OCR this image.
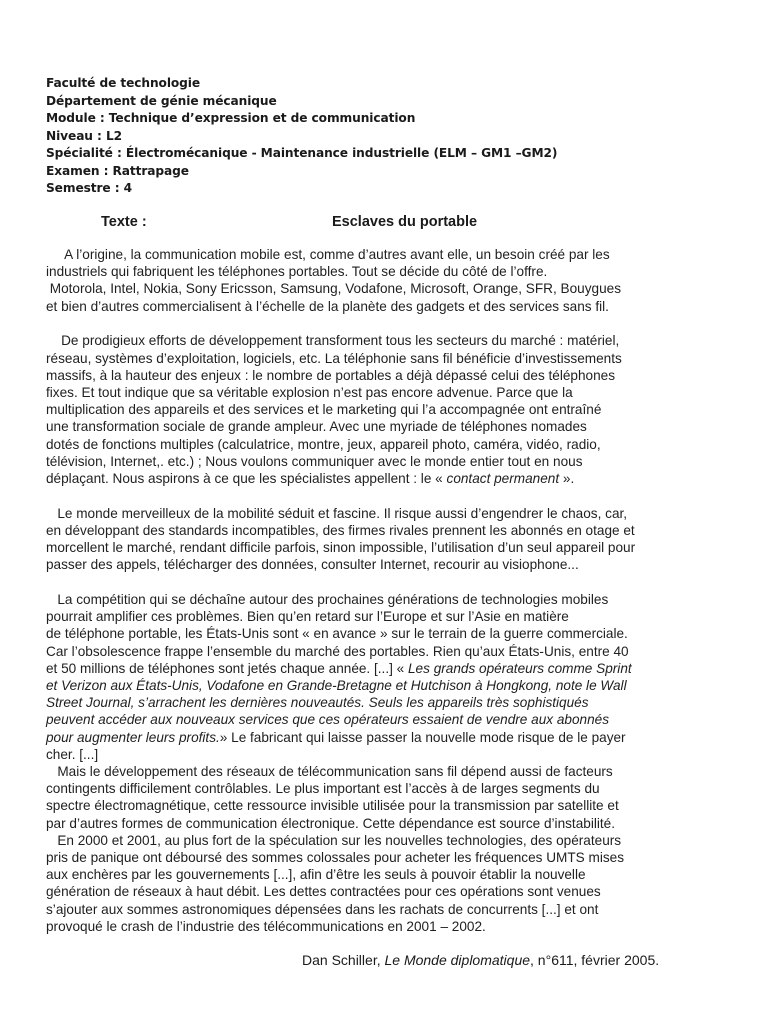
Faculté de technologie
Département de génie mécanique
Module : Technique d’expression et de communication
Niveau : L2
Spécialité : Électromécanique - Maintenance industrielle (ELM – GM1 –GM2)
Examen : Rattrapage
Semestre : 4
Texte :	Esclaves du portable
A l’origine, la communication mobile est, comme d’autres avant elle, un besoin créé par les
industriels qui fabriquent les téléphones portables. Tout se décide du côté de l’offre.
Motorola, Intel, Nokia, Sony Ericsson, Samsung, Vodafone, Microsoft, Orange, SFR, Bouygues
et bien d’autres commercialisent à l’échelle de la planète des gadgets et des services sans fil.
De prodigieux efforts de développement transforment tous les secteurs du marché : matériel,
réseau, systèmes d’exploitation, logiciels, etc. La téléphonie sans fil bénéficie d’investissements
massifs, à la hauteur des enjeux : le nombre de portables a déjà dépassé celui des téléphones
fixes. Et tout indique que sa véritable explosion n’est pas encore advenue. Parce que la
multiplication des appareils et des services et le marketing qui l’a accompagnée ont entraîné
une transformation sociale de grande ampleur. Avec une myriade de téléphones nomades
dotés de fonctions multiples (calculatrice, montre, jeux, appareil photo, caméra, vidéo, radio,
télévision, Internet,. etc.) ; Nous voulons communiquer avec le monde entier tout en nous
déplaçant. Nous aspirons à ce que les spécialistes appellent : le « contact permanent ».
Le monde merveilleux de la mobilité séduit et fascine. Il risque aussi d’engendrer le chaos, car,
en développant des standards incompatibles, des firmes rivales prennent les abonnés en otage et
morcellent le marché, rendant difficile parfois, sinon impossible, l’utilisation d’un seul appareil pour
passer des appels, télécharger des données, consulter Internet, recourir au visiophone...
La compétition qui se déchaîne autour des prochaines générations de technologies mobiles
pourrait amplifier ces problèmes. Bien qu’en retard sur l’Europe et sur l’Asie en matière
de téléphone portable, les États-Unis sont « en avance » sur le terrain de la guerre commerciale.
Car l’obsolescence frappe l’ensemble du marché des portables. Rien qu’aux États-Unis, entre 40
et 50 millions de téléphones sont jetés chaque année. [...] « Les grands opérateurs comme Sprint
et Verizon aux États-Unis, Vodafone en Grande-Bretagne et Hutchison à Hongkong, note le Wall
Street Journal, s’arrachent les dernières nouveautés. Seuls les appareils très sophistiqués
peuvent accéder aux nouveaux services que ces opérateurs essaient de vendre aux abonnés
pour augmenter leurs profits.» Le fabricant qui laisse passer la nouvelle mode risque de le payer
cher. [...]
Mais le développement des réseaux de télécommunication sans fil dépend aussi de facteurs
contingents difficilement contrôlables. Le plus important est l’accès à de larges segments du
spectre électromagnétique, cette ressource invisible utilisée pour la transmission par satellite et
par d’autres formes de communication électronique. Cette dépendance est source d’instabilité.
En 2000 et 2001, au plus fort de la spéculation sur les nouvelles technologies, des opérateurs
pris de panique ont déboursé des sommes colossales pour acheter les fréquences UMTS mises
aux enchères par les gouvernements [...], afin d’être les seuls à pouvoir établir la nouvelle
génération de réseaux à haut débit. Les dettes contractées pour ces opérations sont venues
s’ajouter aux sommes astronomiques dépensées dans les rachats de concurrents [...] et ont
provoqué le crash de l’industrie des télécommunications en 2001 – 2002.
Dan Schiller, Le Monde diplomatique, n°611, février 2005.
